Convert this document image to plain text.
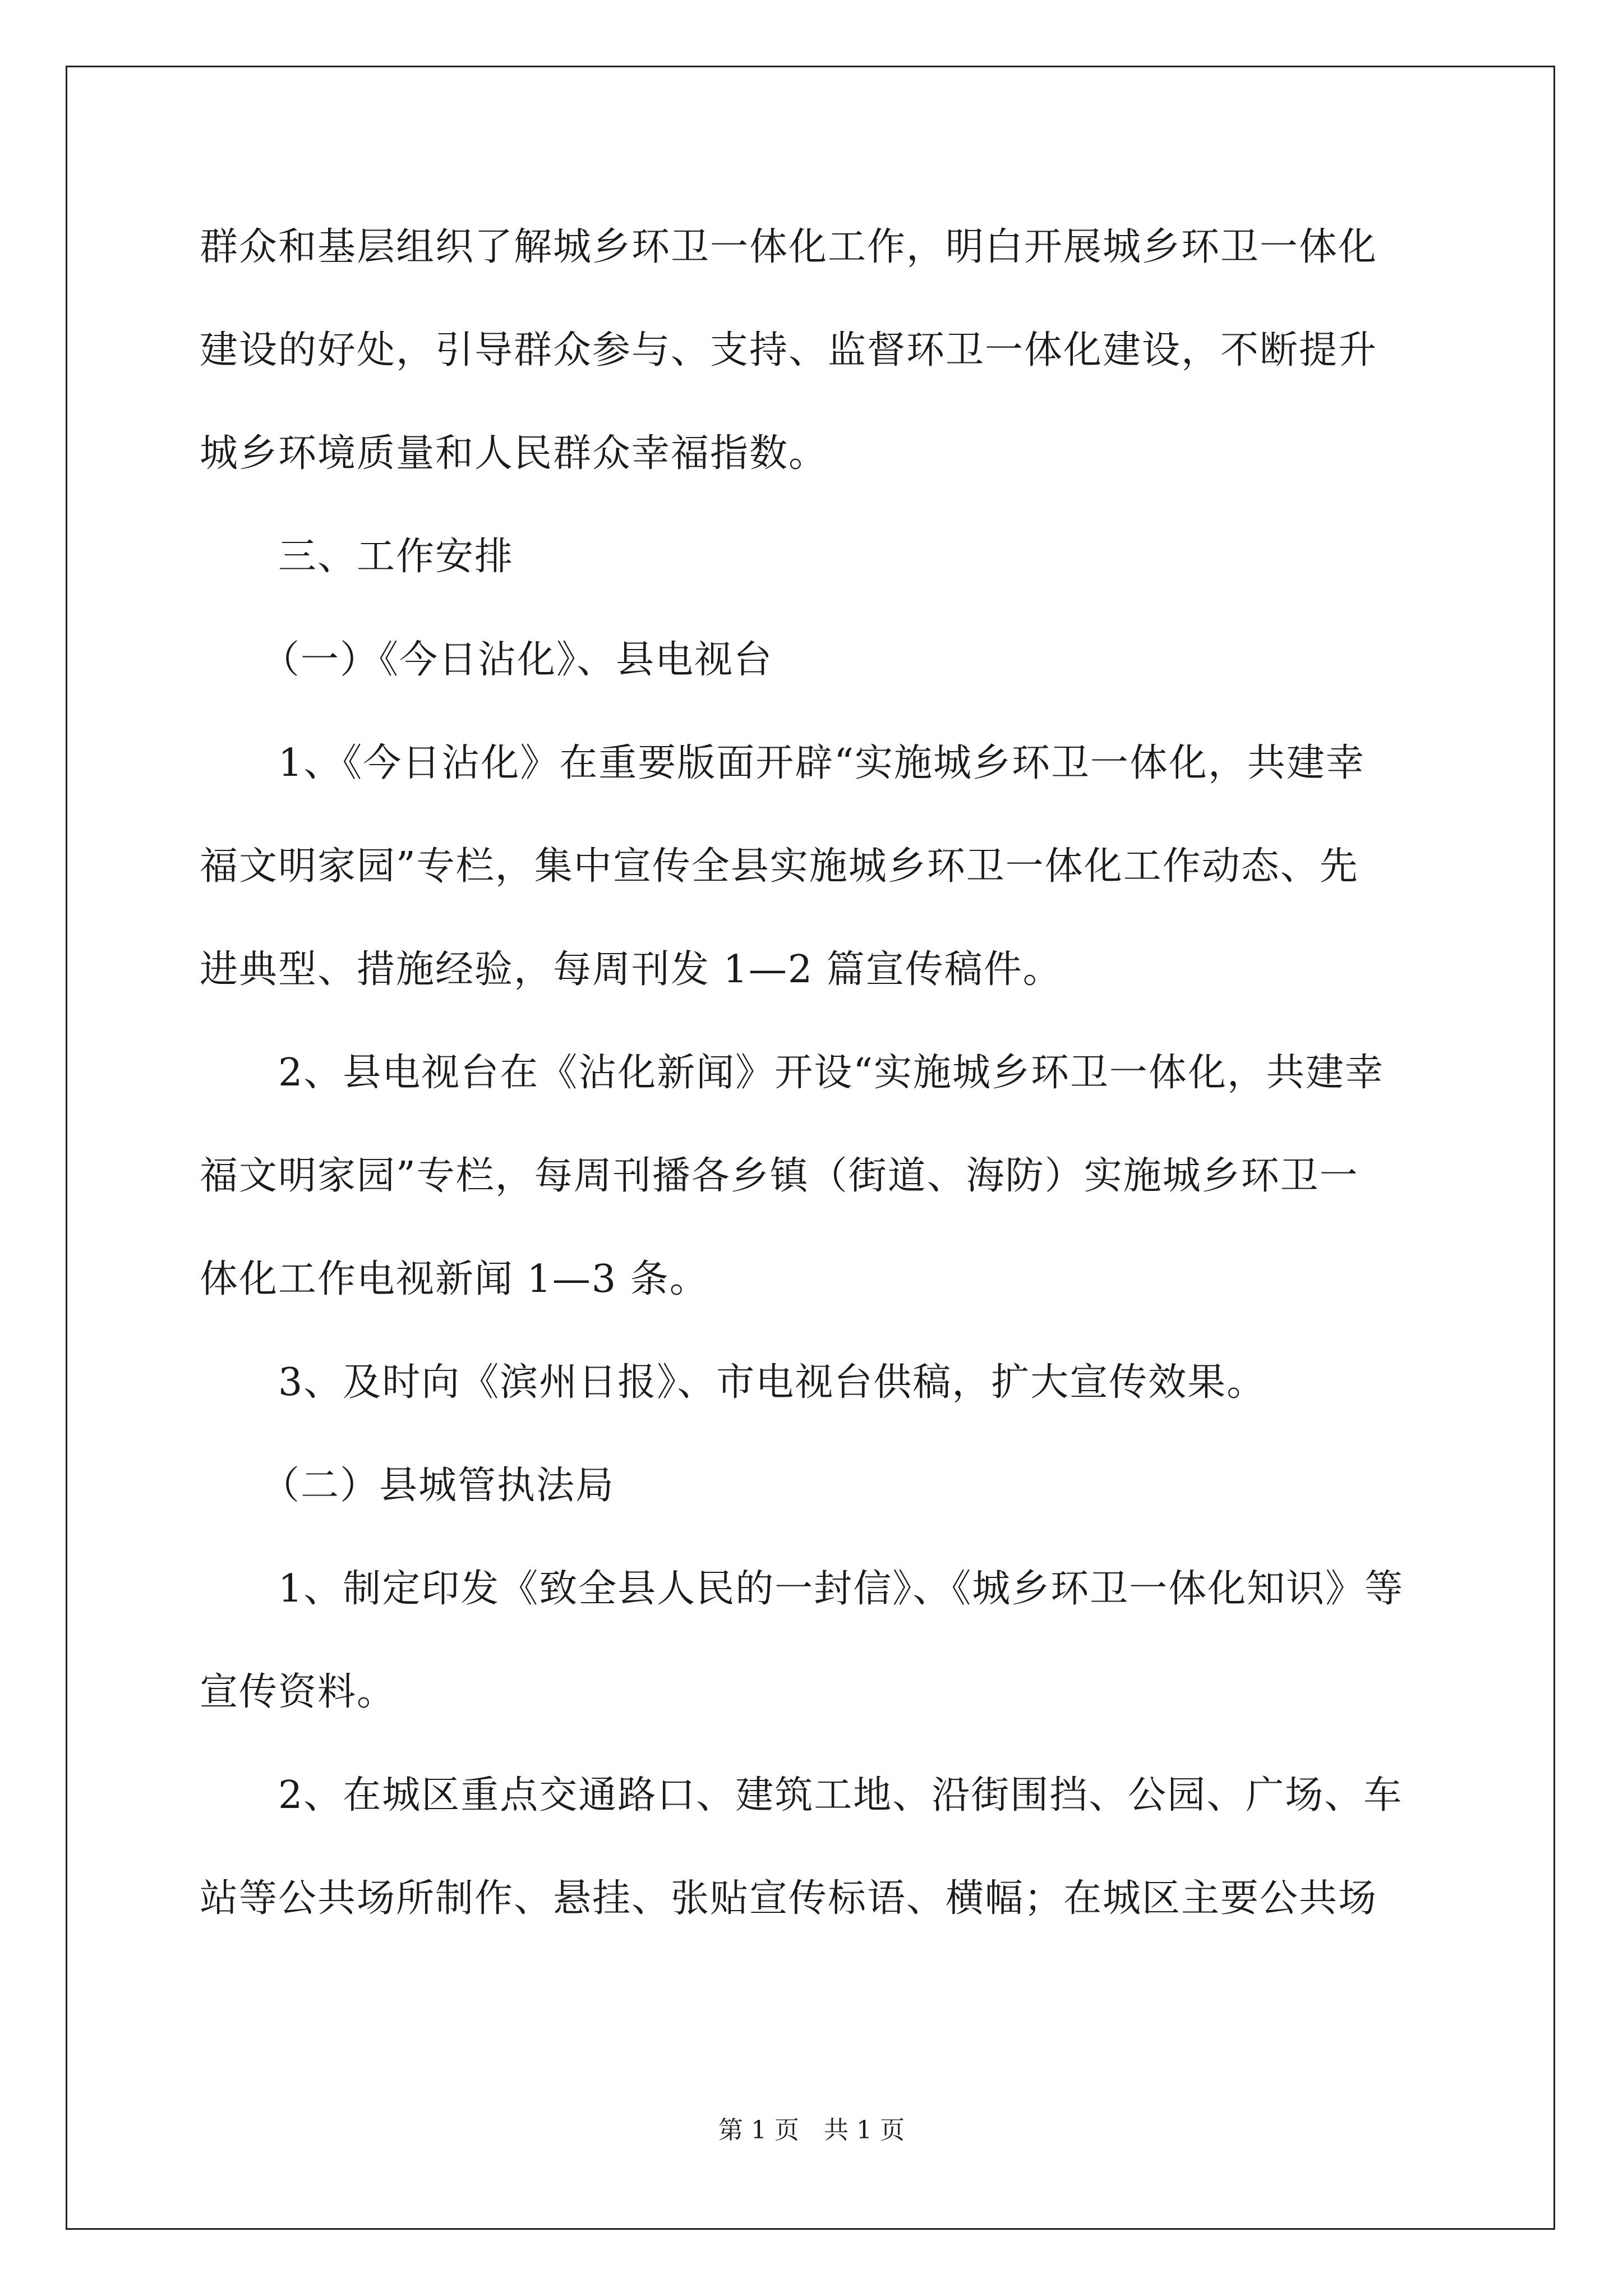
群众和基层组织了解城乡环卫一体化工作，明白开展城乡环卫一体化
建设的好处，引导群众参与、支持、监督环卫一体化建设，不断提升
城乡环境质量和人民群众幸福指数。
三、工作安排
（一）《今日沾化》、县电视台
1、《今日沾化》在重要版面开辟“实施城乡环卫一体化，共建幸
福文明家园”专栏，集中宣传全县实施城乡环卫一体化工作动态、先
进典型、措施经验，每周刊发 1—2 篇宣传稿件。
2、县电视台在《沾化新闻》开设“实施城乡环卫一体化，共建幸
福文明家园”专栏，每周刊播各乡镇（街道、海防）实施城乡环卫一
体化工作电视新闻 1—3 条。
3、及时向《滨州日报》、市电视台供稿，扩大宣传效果。
（二）县城管执法局
1、制定印发《致全县人民的一封信》、《城乡环卫一体化知识》等
宣传资料。
2、在城区重点交通路口、建筑工地、沿街围挡、公园、广场、车
站等公共场所制作、悬挂、张贴宣传标语、横幅；在城区主要公共场
第 1 页　共 1 页
